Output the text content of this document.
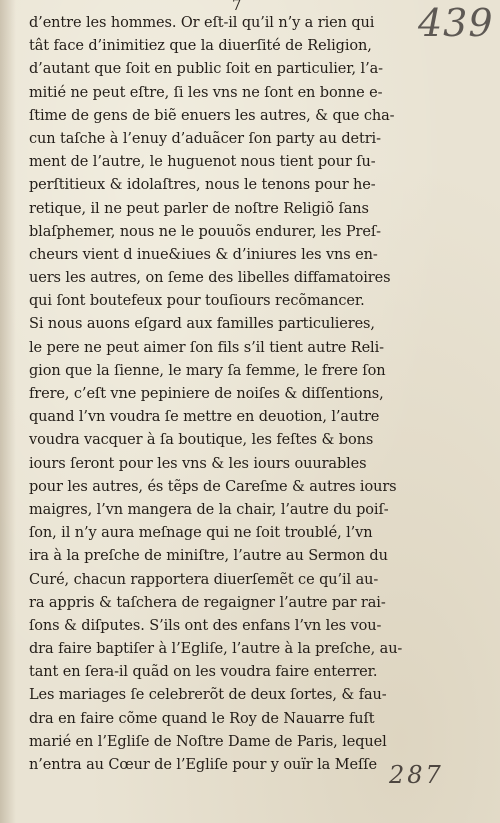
7	439
d’entre les hommes. Or eſt-il qu’il n’y a rien qui
tât face d’inimitiez que la diuerſité de Religion,
d’autant que ſoit en public ſoit en particulier, l’a-
mitié ne peut eſtre, ſi les vns ne ſont en bonne e-
ſtime de gens de biẽ enuers les autres, & que cha-
cun taſche à l’enuy d’aduãcer ſon party au detri-
ment de l’autre, le huguenot nous tient pour ſu-
perſtitieux & idolaſtres, nous le tenons pour he-
retique, il ne peut parler de noſtre Religiõ ſans
blaſphemer, nous ne le pouuõs endurer, les Preſ-
cheurs vient d inue&iues & d’iniures les vns en-
uers les autres, on ſeme des libelles diffamatoires
qui ſont boutefeux pour touſiours recõmancer.
Si nous auons eſgard aux familles particulieres,
le pere ne peut aimer ſon fils s’il tient autre Reli-
gion que la ſienne, le mary ſa femme, le frere ſon
frere, c’eſt vne pepiniere de noiſes & diſſentions,
quand l’vn voudra ſe mettre en deuotion, l’autre
voudra vacquer à ſa boutique, les feſtes & bons
iours ſeront pour les vns & les iours ouurables
pour les autres, és tẽps de Careſme & autres iours
maigres, l’vn mangera de la chair, l’autre du poiſ-
ſon, il n’y aura meſnage qui ne ſoit troublé, l’vn
ira à la preſche de miniſtre, l’autre au Sermon du
Curé, chacun rapportera diuerſemẽt ce qu’il au-
ra appris & taſchera de regaigner l’autre par rai-
ſons & diſputes. S’ils ont des enfans l’vn les vou-
dra faire baptiſer à l’Egliſe, l’autre à la preſche, au-
tant en ſera-il quãd on les voudra faire enterrer.
Les mariages ſe celebrerõt de deux ſortes, & fau-
dra en faire cõme quand le Roy de Nauarre fuſt
marié en l’Egliſe de Noſtre Dame de Paris, lequel
n’entra au Cœur de l’Egliſe pour y ouïr la Meſſe 287
